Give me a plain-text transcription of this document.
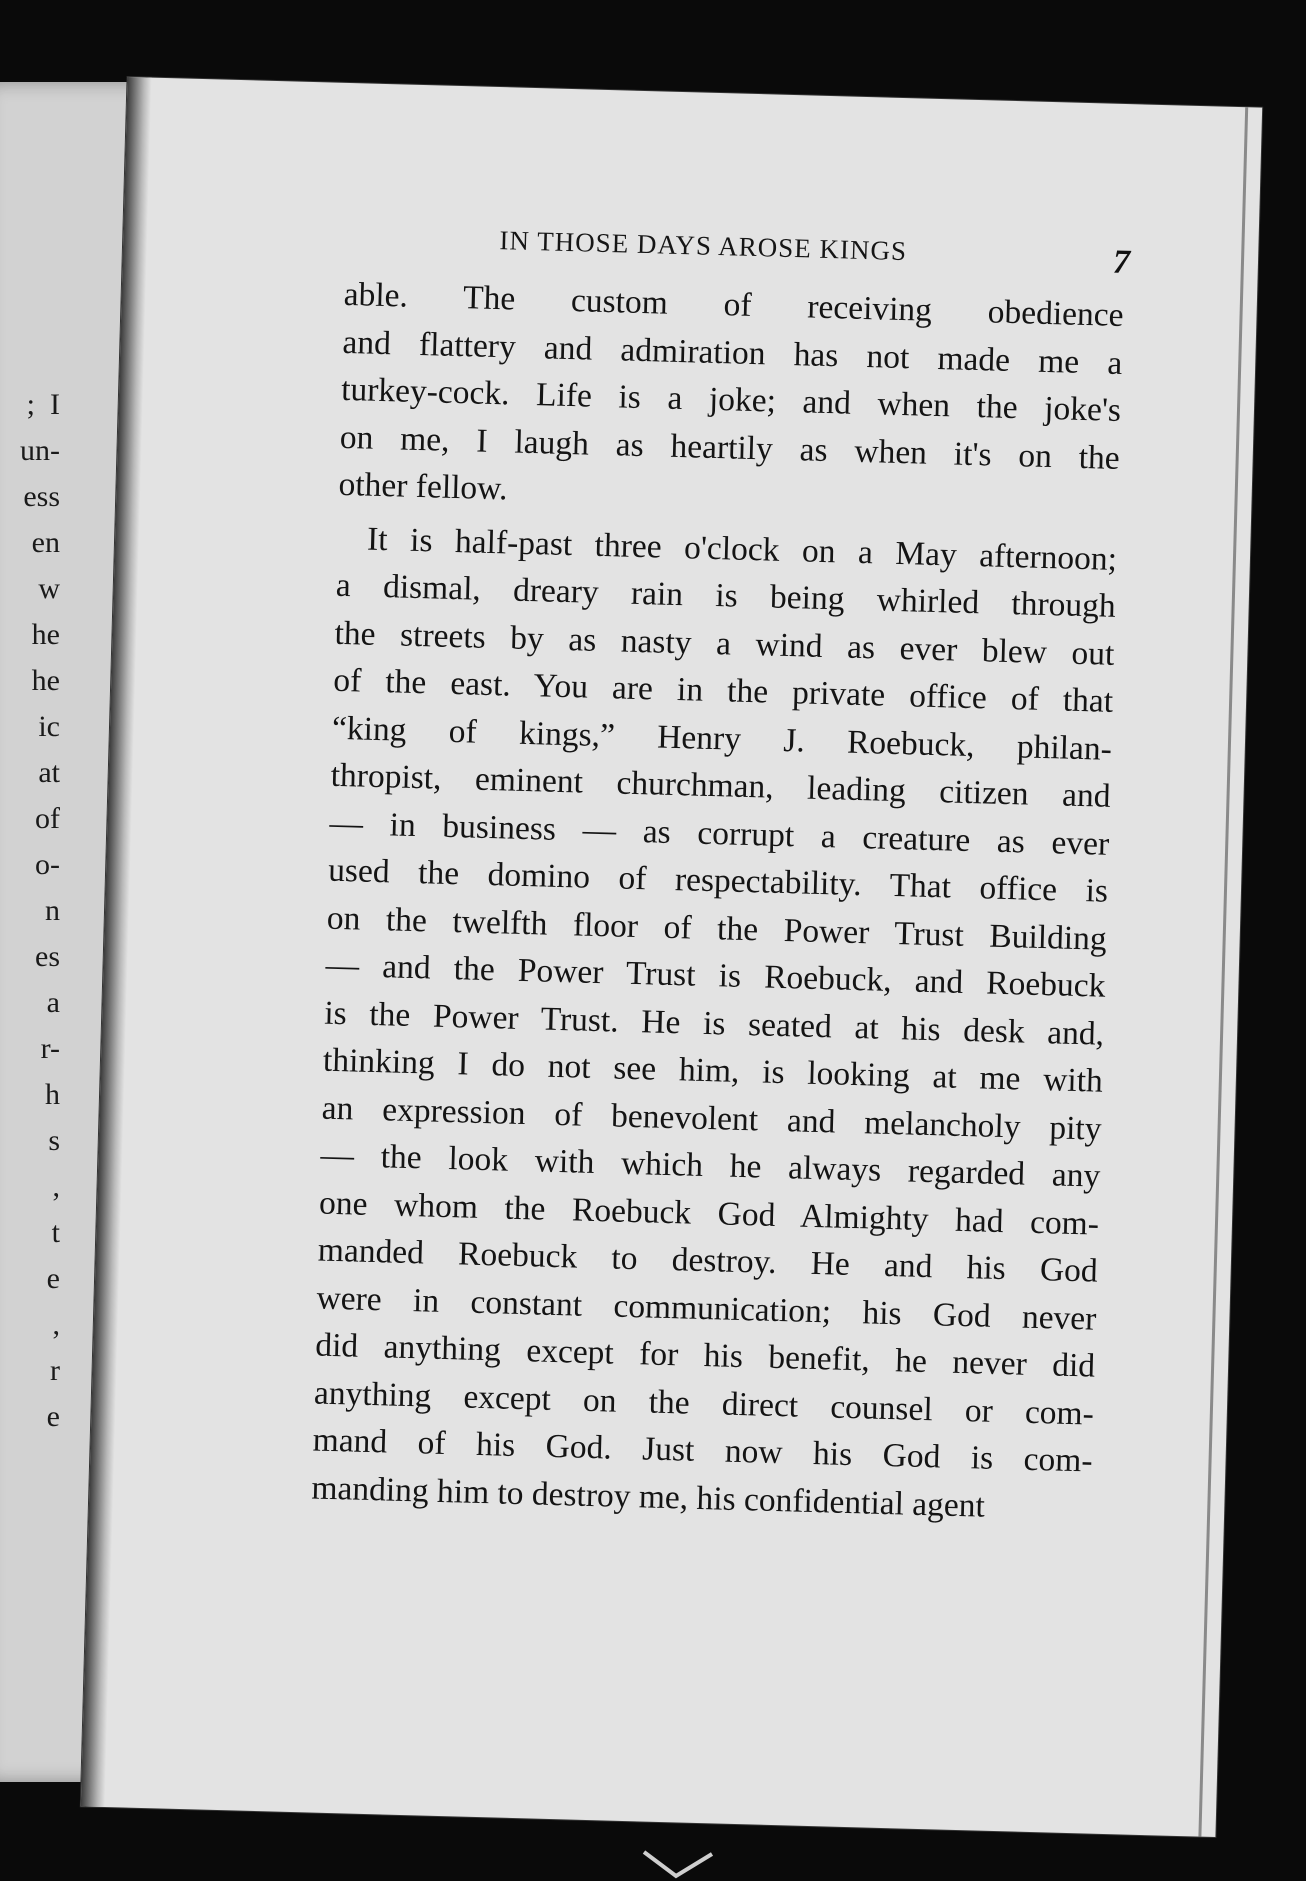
;  I
un-
ess
en
w
he
he
ic
at
of
o-
n
es
a
r-
h
s
,
t
e
,
r
e
IN THOSE DAYS AROSE KINGS	7
able. The custom of receiving obedience
and flattery and admiration has not made me a
turkey-cock. Life is a joke; and when the joke's
on me, I laugh as heartily as when it's on the
other fellow.
It is half-past three o'clock on a May afternoon;
a dismal, dreary rain is being whirled through
the streets by as nasty a wind as ever blew out
of the east. You are in the private office of that
“king of kings,” Henry J. Roebuck, philan-
thropist, eminent churchman, leading citizen and
— in business — as corrupt a creature as ever
used the domino of respectability. That office is
on the twelfth floor of the Power Trust Building
— and the Power Trust is Roebuck, and Roebuck
is the Power Trust. He is seated at his desk and,
thinking I do not see him, is looking at me with
an expression of benevolent and melancholy pity
— the look with which he always regarded any
one whom the Roebuck God Almighty had com-
manded Roebuck to destroy. He and his God
were in constant communication; his God never
did anything except for his benefit, he never did
anything except on the direct counsel or com-
mand of his God. Just now his God is com-
manding him to destroy me, his confidential agent
